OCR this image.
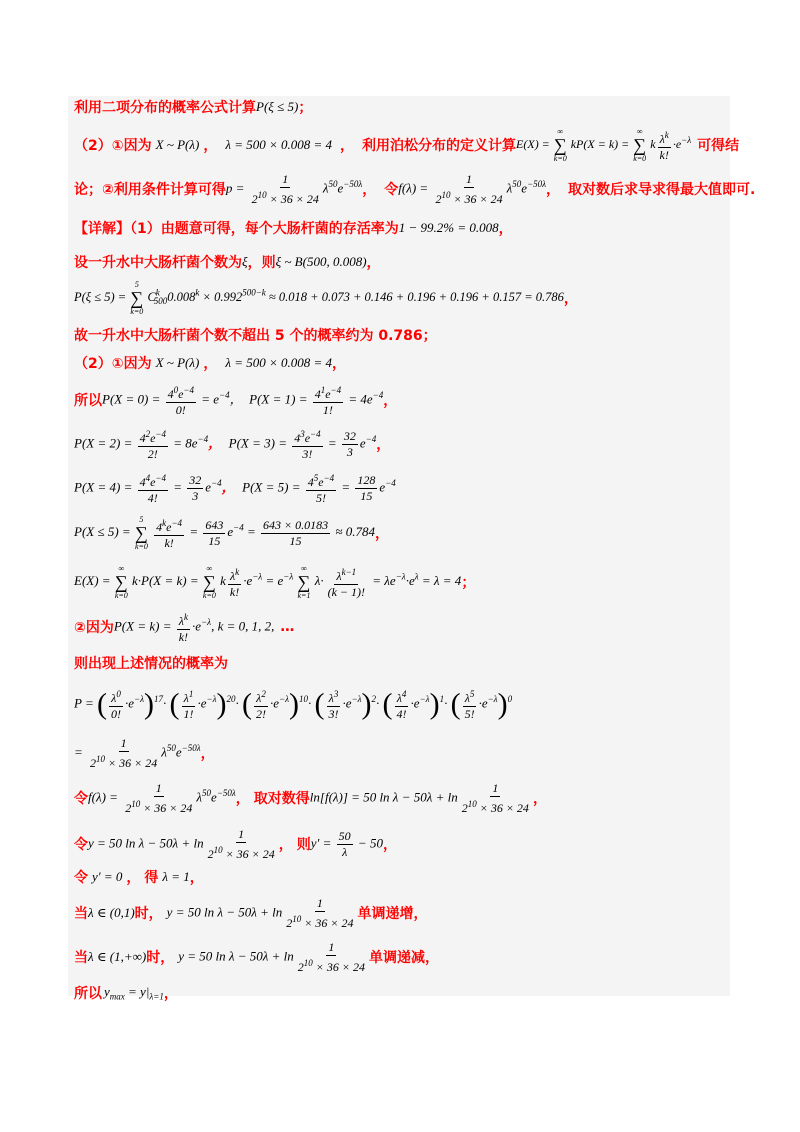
利用二项分布的概率公式计算 P(ξ ≤ 5) ；
（2）①因为 X ~ P(λ) ， λ = 500 × 0.008 = 4 ， 利用泊松分布的定义计算 E(X) =
∞
∑
k=0
kP(X = k) =
∞
∑
k=0
k $\frac{\lambda^k}{k!} \cdot e^{-\lambda}$ 可得结
论；②利用条件计算可得 $p = \frac{1}{2^{10} \times 36 \times 24} \lambda^{50}e^{-50\lambda}$ ， 令 $f(\lambda) = \frac{1}{2^{10} \times 36 \times 24} \lambda^{50}e^{-50\lambda}$ ， 取对数后求导求得最大值即可.
【详解】（1）由题意可得，每个大肠杆菌的存活率为 1 − 99.2% = 0.008 ，
设一升水中大肠杆菌个数为 ξ ，则 ξ ~ B(500, 0.008) ，
P(ξ ≤ 5) =
5
∑
k=0
$C^k_{500}0.008^k \times 0.992^{500-k} \approx 0.018 + 0.073 + 0.146 + 0.196 + 0.196 + 0.157 = 0.786$ ，
故一升水中大肠杆菌个数不超出 5 个的概率约为 0.786；
（2）①因为 X ~ P(λ) ， λ = 500 × 0.008 = 4 ，
所以 $P(X = 0) = \frac{4^0e^{-4}}{0!} = e^{-4}$，  $P(X = 1) = \frac{4^1e^{-4}}{1!} = 4e^{-4}$ ，
$P(X = 2) = \frac{4^2e^{-4}}{2!} = 8e^{-4}$，  $P(X = 3) = \frac{4^3e^{-4}}{3!} = \frac{32}{3} e^{-4}$ ，
$P(X = 4) = \frac{4^4e^{-4}}{4!} = \frac{32}{3} e^{-4}$，  $P(X = 5) = \frac{4^5e^{-4}}{5!} = \frac{128}{15} e^{-4}$
P(X ≤ 5) =
5
∑
k=0
$\frac{4^ke^{-4}}{k!} = \frac{643}{15} e^{-4} = \frac{643 \times 0.0183}{15} \approx 0.784$ ，
E(X) =
∞
∑
k=0
k·P(X = k) =
∞
∑
k=0
k $\frac{\lambda^k}{k!} \cdot e^{-\lambda} = e^{-\lambda}$
∞
∑
k=1
$\lambda\cdot \frac{\lambda^{k-1}}{(k - 1)!} = \lambda e^{-\lambda}\cdot e^\lambda = \lambda = 4$ ；
②因为 $P(X = k) = \frac{\lambda^k}{k!} \cdot e^{-\lambda}$, k = 0, 1, 2, …
则出现上述情况的概率为
P = ( $\frac{\lambda^0}{0!} \cdot e^{-\lambda})^{17}\cdot$ ( $\frac{\lambda^1}{1!} \cdot e^{-\lambda})^{20}\cdot$ ( $\frac{\lambda^2}{2!} \cdot e^{-\lambda})^{10}\cdot$ ( $\frac{\lambda^3}{3!} \cdot e^{-\lambda})^2\cdot$ ( $\frac{\lambda^4}{4!} \cdot e^{-\lambda})^1\cdot$ ( $\frac{\lambda^5}{5!} \cdot e^{-\lambda})^0$
= $\frac{1}{2^{10} \times 36 \times 24} \lambda^{50}e^{-50\lambda}$ ，
令 $f(\lambda) = \frac{1}{2^{10} \times 36 \times 24} \lambda^{50}e^{-50\lambda}$ ， 取对数得 ln[f(λ)] = 50 $\ln \lambda - 50\lambda + \ln \frac{1}{2^{10} \times 36 \times 24}$ ，
令 y = 50 $\ln \lambda - 50\lambda + \ln \frac{1}{2^{10} \times 36 \times 24}$ ， 则 $y' = \frac{50}{\lambda} - 50$ ，
令 y′ = 0 ， 得 λ = 1 ，
当 λ ∈ (0,1) 时， y = 50 $\ln \lambda - 50\lambda + \ln \frac{1}{2^{10} \times 36 \times 24}$ 单调递增，
当 λ ∈ (1,+∞) 时， y = 50 $\ln \lambda - 50\lambda + \ln \frac{1}{2^{10} \times 36 \times 24}$ 单调递减，
所以 $y_{max} = y|_{\lambda=1}$ ，
